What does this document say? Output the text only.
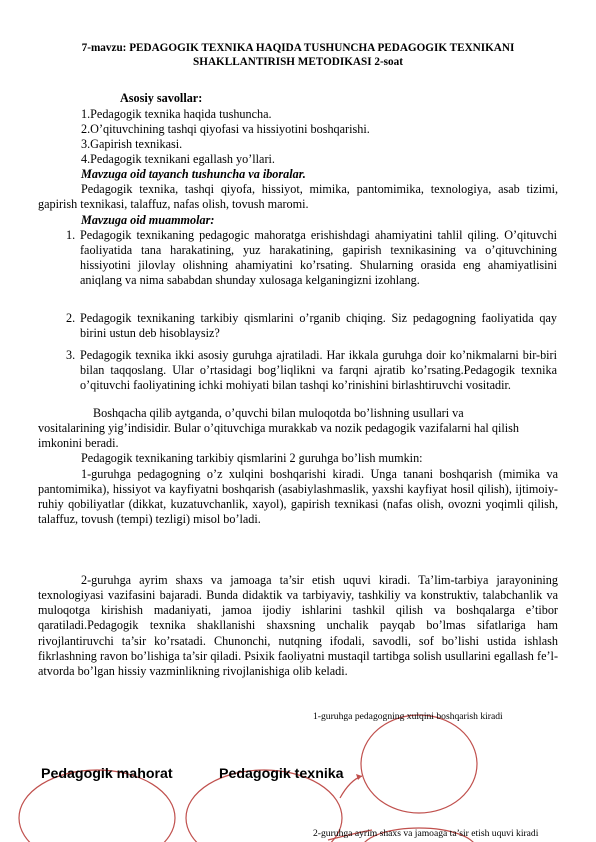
7-mavzu: PEDAGOGIK TEXNIKA HAQIDA TUSHUNCHA PEDAGOGIK TEXNIKANI SHAKLLANTIRISH METODIKASI 2-soat
Asosiy savollar:
1.Pedagogik texnika haqida tushuncha.
2.O’qituvchining tashqi qiyofasi va hissiyotini boshqarishi.
3.Gapirish texnikasi.
4.Pedagogik texnikani egallash yo’llari.
Mavzuga oid tayanch tushuncha va iboralar.
Pedagogik texnika, tashqi qiyofa, hissiyot, mimika, pantomimika, texnologiya, asab tizimi, gapirish texnikasi, talaffuz, nafas olish, tovush maromi.
Mavzuga oid muammolar:
1. Pedagogik texnikaning pedagogic mahoratga erishishdagi ahamiyatini tahlil qiling. O’qituvchi faoliyatida tana harakatining, yuz harakatining, gapirish texnikasining va o’qituvchining hissiyotini jilovlay olishning ahamiyatini ko’rsating. Shularning orasida eng ahamiyatlisini aniqlang va nima sababdan shunday xulosaga kelganingizni izohlang.
2. Pedagogik texnikaning tarkibiy qismlarini o’rganib chiqing. Siz pedagogning faoliyatida qay birini ustun deb hisoblaysiz?
3. Pedagogik texnika ikki asosiy guruhga ajratiladi. Har ikkala guruhga doir ko’nikmalarni bir-biri bilan taqqoslang. Ular o’rtasidagi bog’liqlikni va farqni ajratib ko’rsating.Pedagogik texnika o’qituvchi faoliyatining ichki mohiyati bilan tashqi ko’rinishini birlashtiruvchi vositadir.
Boshqacha qilib aytganda, o’quvchi bilan muloqotda bo’lishning usullari va vositalarining yig’indisidir. Bular o’qituvchiga murakkab va nozik pedagogik vazifalarni hal qilish imkonini beradi.
Pedagogik texnikaning tarkibiy qismlarini 2 guruhga bo’lish mumkin:
1-guruhga pedagogning o’z xulqini boshqarishi kiradi. Unga tanani boshqarish (mimika va pantomimika), hissiyot va kayfiyatni boshqarish (asabiylashmaslik, yaxshi kayfiyat hosil qilish), ijtimoiy-ruhiy qobiliyatlar (dikkat, kuzatuvchanlik, xayol), gapirish texnikasi (nafas olish, ovozni yoqimli qilish, talaffuz, tovush (tempi) tezligi) misol bo’ladi.
2-guruhga ayrim shaxs va jamoaga ta’sir etish uquvi kiradi. Ta’lim-tarbiya jarayonining texnologiyasi vazifasini bajaradi. Bunda didaktik va tarbiyaviy, tashkiliy va konstruktiv, talabchanlik va muloqotga kirishish madaniyati, jamoa ijodiy ishlarini tashkil qilish va boshqalarga e’tibor qaratiladi.Pedagogik texnika shakllanishi shaxsning unchalik payqab bo’lmas sifatlariga ham rivojlantiruvchi ta’sir ko’rsatadi. Chunonchi, nutqning ifodali, savodli, sof bo’lishi ustida ishlash fikrlashning ravon bo’lishiga ta’sir qiladi. Psixik faoliyatni mustaqil tartibga solish usullarini egallash fe’l-atvorda bo’lgan hissiy vazminlikning rivojlanishiga olib keladi.
1-guruhga pedagogning xulqini boshqarish kiradi
Pedagogik mahorat	Pedagogik texnika
2-guruhga ayrim shaxs va jamoaga ta’sir etish uquvi kiradi
